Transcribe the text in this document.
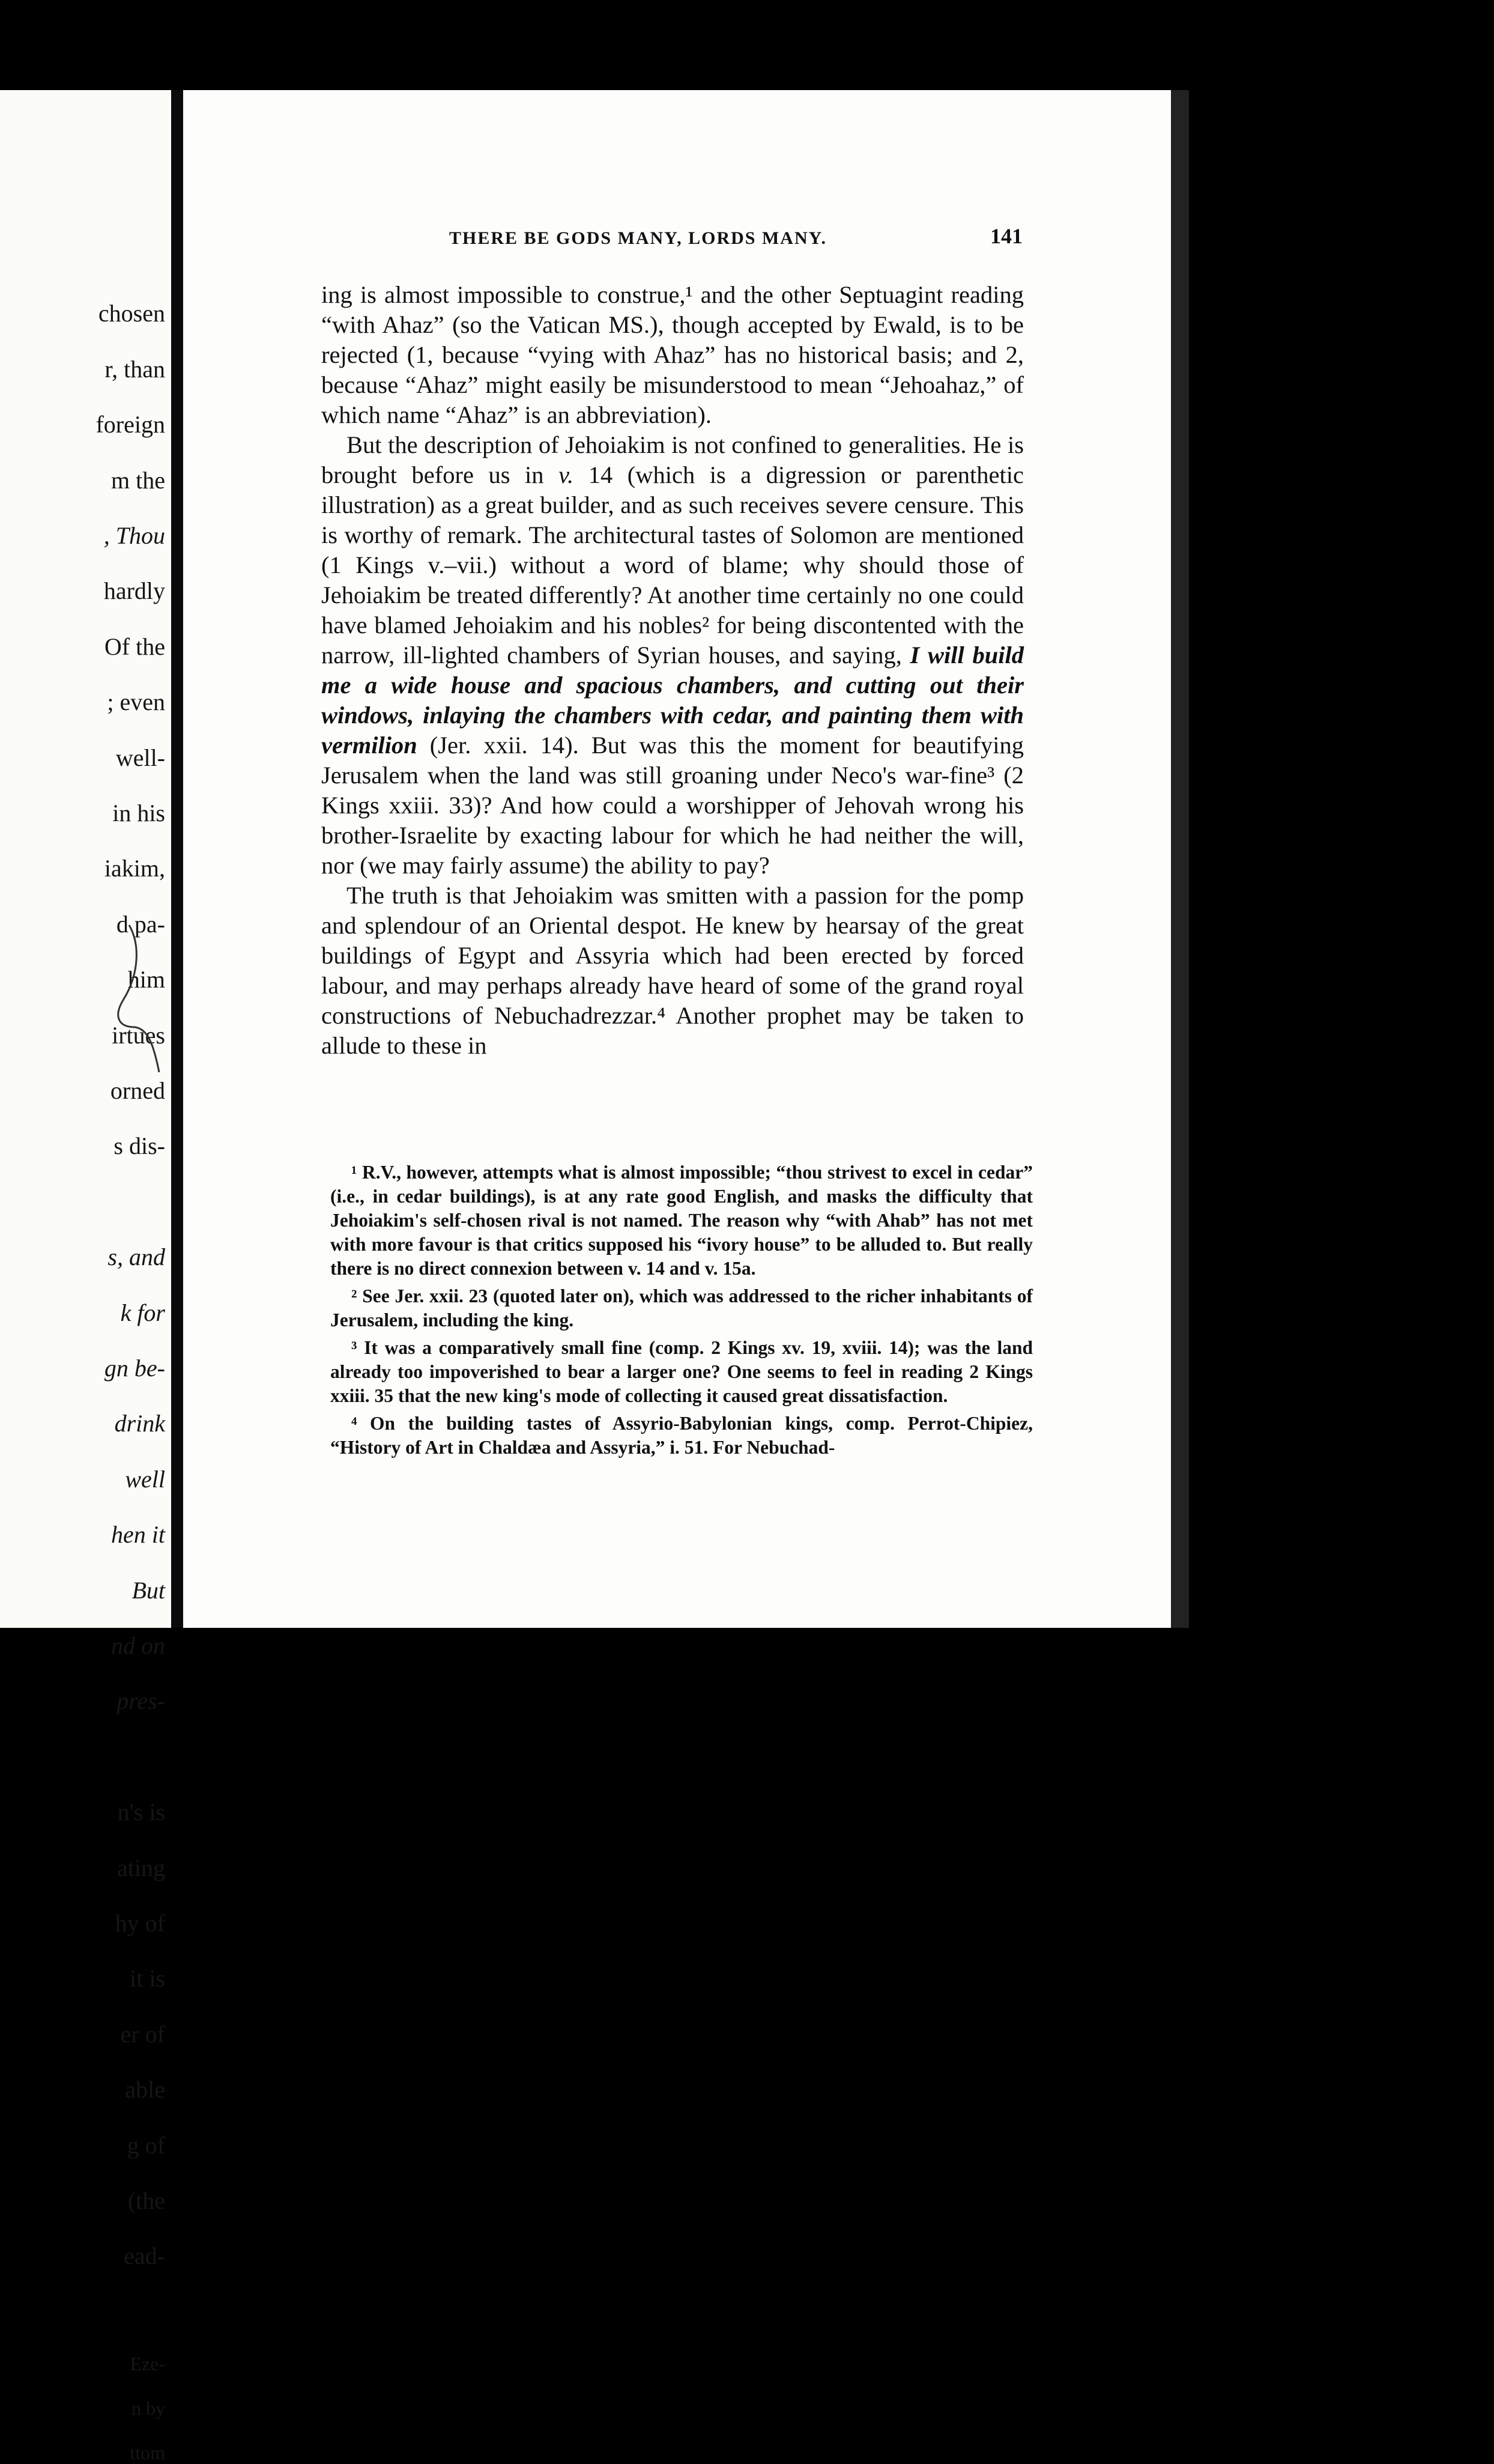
chosen
r, than
foreign
m the
, Thou
hardly
Of the
; even
well-
in his
iakim,
d pa-
him
irtues
orned
s dis-
s, and
k for
gn be-
drink
well
hen it
But
nd on
pres-
n's is
ating
hy of
it is
er of
able
g of
(the
ead-
Eze-
n by
ttom
THERE BE GODS MANY, LORDS MANY.	141

ing is almost impossible to construe,¹ and the other Septuagint reading “with Ahaz” (so the Vatican MS.), though accepted by Ewald, is to be rejected (1, because “vying with Ahaz” has no historical basis; and 2, because “Ahaz” might easily be misunderstood to mean “Jehoahaz,” of which name “Ahaz” is an abbreviation).

But the description of Jehoiakim is not confined to generalities. He is brought before us in v. 14 (which is a digression or parenthetic illustration) as a great builder, and as such receives severe censure. This is worthy of remark. The architectural tastes of Solomon are mentioned (1 Kings v.–vii.) without a word of blame; why should those of Jehoiakim be treated differently? At another time certainly no one could have blamed Jehoiakim and his nobles² for being discontented with the narrow, ill-lighted chambers of Syrian houses, and saying, I will build me a wide house and spacious chambers, and cutting out their windows, inlaying the chambers with cedar, and painting them with vermilion (Jer. xxii. 14). But was this the moment for beautifying Jerusalem when the land was still groaning under Neco's war-fine³ (2 Kings xxiii. 33)? And how could a worshipper of Jehovah wrong his brother-Israelite by exacting labour for which he had neither the will, nor (we may fairly assume) the ability to pay?

The truth is that Jehoiakim was smitten with a passion for the pomp and splendour of an Oriental despot. He knew by hearsay of the great buildings of Egypt and Assyria which had been erected by forced labour, and may perhaps already have heard of some of the grand royal constructions of Nebuchadrezzar.⁴ Another prophet may be taken to allude to these in

¹ R.V., however, attempts what is almost impossible; “thou strivest to excel in cedar” (i.e., in cedar buildings), is at any rate good English, and masks the difficulty that Jehoiakim's self-chosen rival is not named. The reason why “with Ahab” has not met with more favour is that critics supposed his “ivory house” to be alluded to. But really there is no direct connexion between v. 14 and v. 15a.

² See Jer. xxii. 23 (quoted later on), which was addressed to the richer inhabitants of Jerusalem, including the king.

³ It was a comparatively small fine (comp. 2 Kings xv. 19, xviii. 14); was the land already too impoverished to bear a larger one? One seems to feel in reading 2 Kings xxiii. 35 that the new king's mode of collecting it caused great dissatisfaction.

⁴ On the building tastes of Assyrio-Babylonian kings, comp. Perrot-Chipiez, “History of Art in Chaldæa and Assyria,” i. 51. For Nebuchad-
